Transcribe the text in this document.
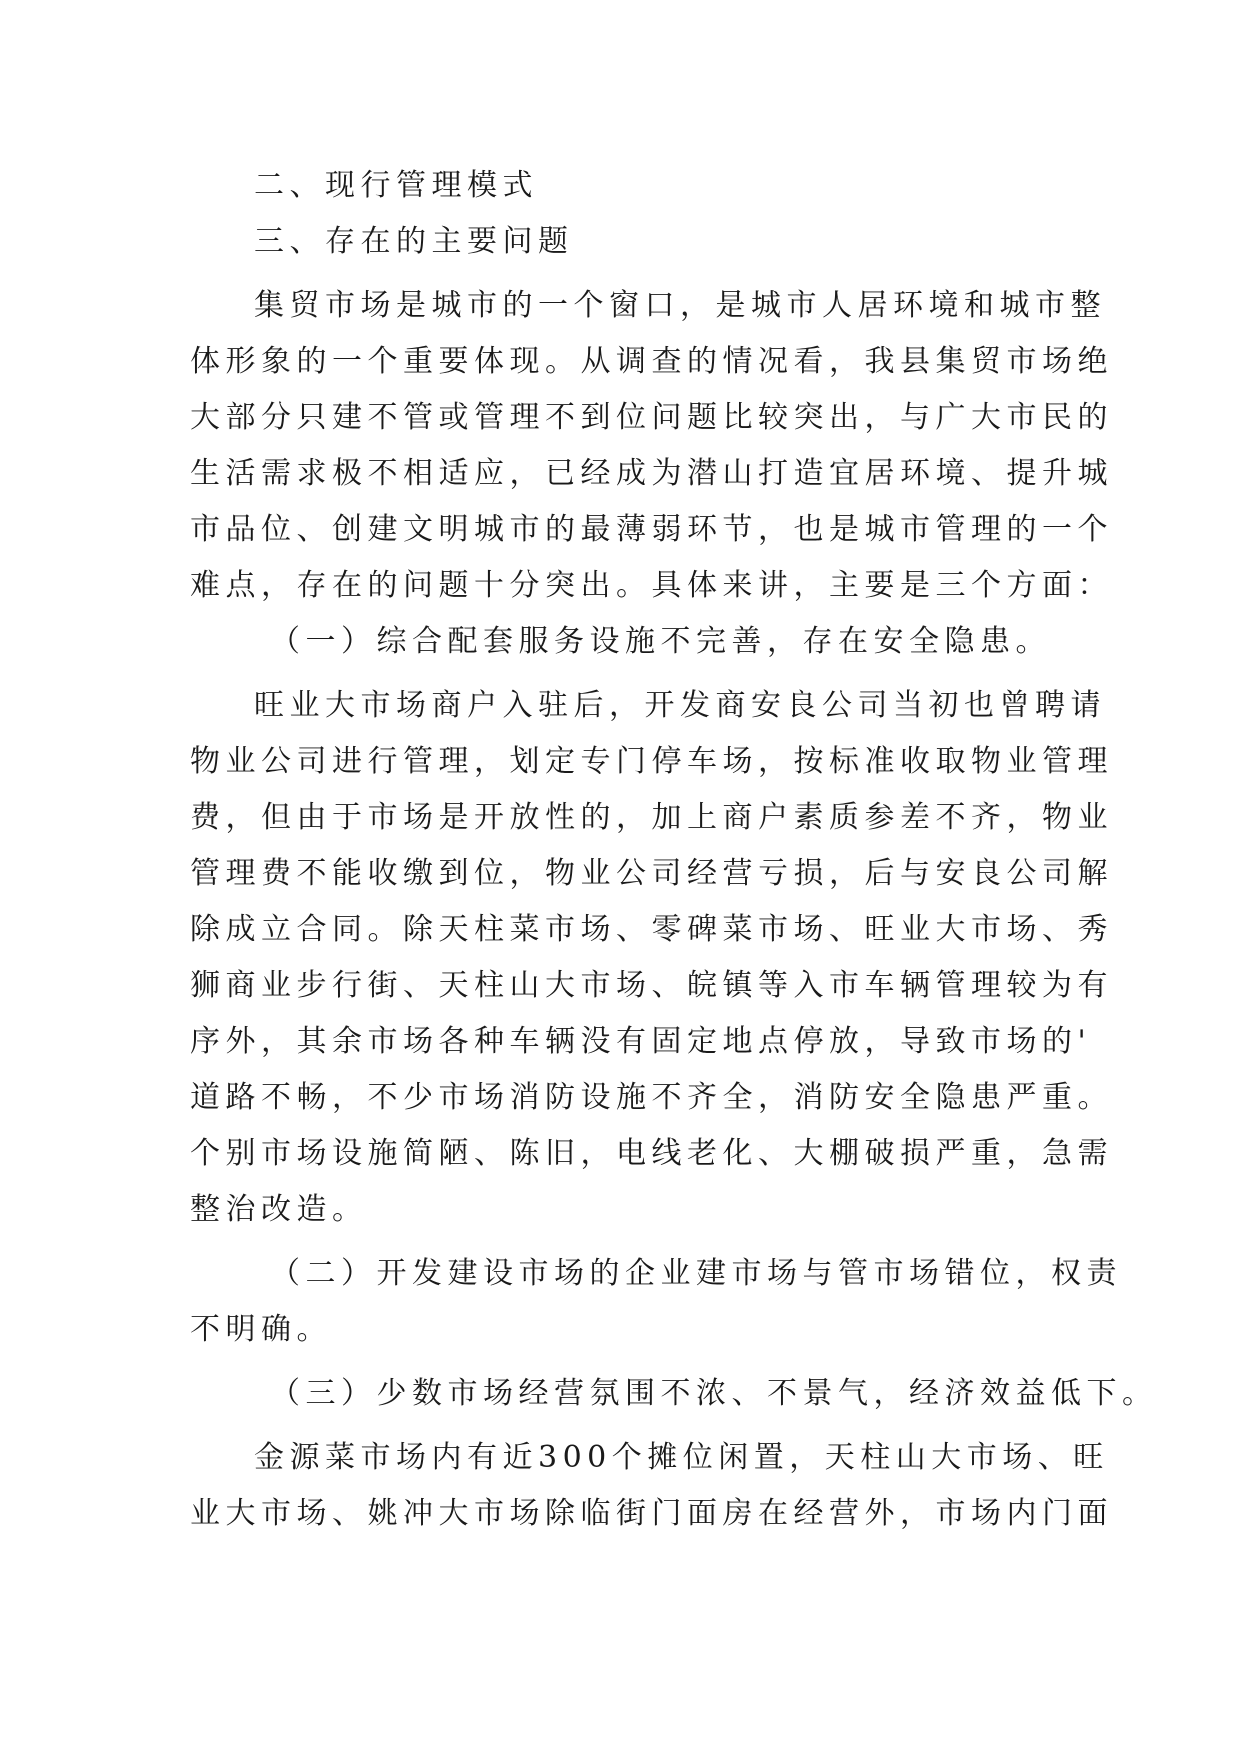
二、现行管理模式
三、存在的主要问题
集贸市场是城市的一个窗口，是城市人居环境和城市整
体形象的一个重要体现。从调查的情况看，我县集贸市场绝
大部分只建不管或管理不到位问题比较突出，与广大市民的
生活需求极不相适应，已经成为潜山打造宜居环境、提升城
市品位、创建文明城市的最薄弱环节，也是城市管理的一个
难点，存在的问题十分突出。具体来讲，主要是三个方面：
（一）综合配套服务设施不完善，存在安全隐患。
旺业大市场商户入驻后，开发商安良公司当初也曾聘请
物业公司进行管理，划定专门停车场，按标准收取物业管理
费，但由于市场是开放性的，加上商户素质参差不齐，物业
管理费不能收缴到位，物业公司经营亏损，后与安良公司解
除成立合同。除天柱菜市场、零碑菜市场、旺业大市场、秀
狮商业步行街、天柱山大市场、皖镇等入市车辆管理较为有
序外，其余市场各种车辆没有固定地点停放，导致市场的'
道路不畅，不少市场消防设施不齐全，消防安全隐患严重。
个别市场设施简陋、陈旧，电线老化、大棚破损严重，急需
整治改造。
（二）开发建设市场的企业建市场与管市场错位，权责
不明确。
（三）少数市场经营氛围不浓、不景气，经济效益低下。
金源菜市场内有近300个摊位闲置，天柱山大市场、旺
业大市场、姚冲大市场除临街门面房在经营外，市场内门面
